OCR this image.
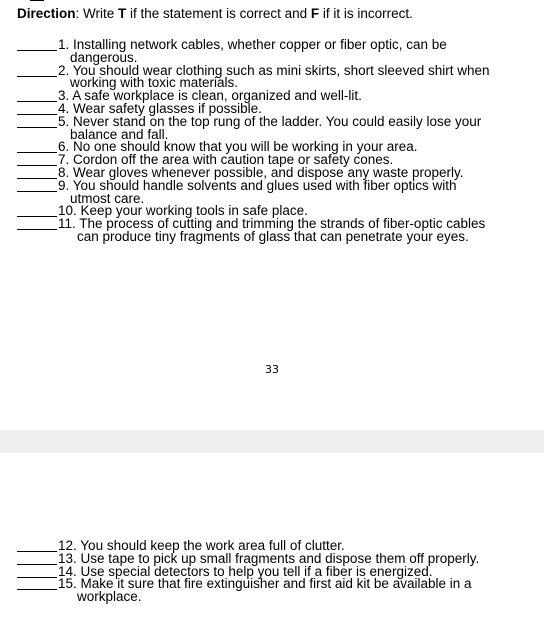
Direction: Write T if the statement is correct and F if it is incorrect.
1. Installing network cables, whether copper or fiber optic, can be
dangerous.
2. You should wear clothing such as mini skirts, short sleeved shirt when
working with toxic materials.
3. A safe workplace is clean, organized and well-lit.
4. Wear safety glasses if possible.
5. Never stand on the top rung of the ladder. You could easily lose your
balance and fall.
6. No one should know that you will be working in your area.
7. Cordon off the area with caution tape or safety cones.
8. Wear gloves whenever possible, and dispose any waste properly.
9. You should handle solvents and glues used with fiber optics with
utmost care.
10. Keep your working tools in safe place.
11. The process of cutting and trimming the strands of fiber-optic cables
can produce tiny fragments of glass that can penetrate your eyes.
33
12. You should keep the work area full of clutter.
13. Use tape to pick up small fragments and dispose them off properly.
14. Use special detectors to help you tell if a fiber is energized.
15. Make it sure that fire extinguisher and first aid kit be available in a
workplace.
